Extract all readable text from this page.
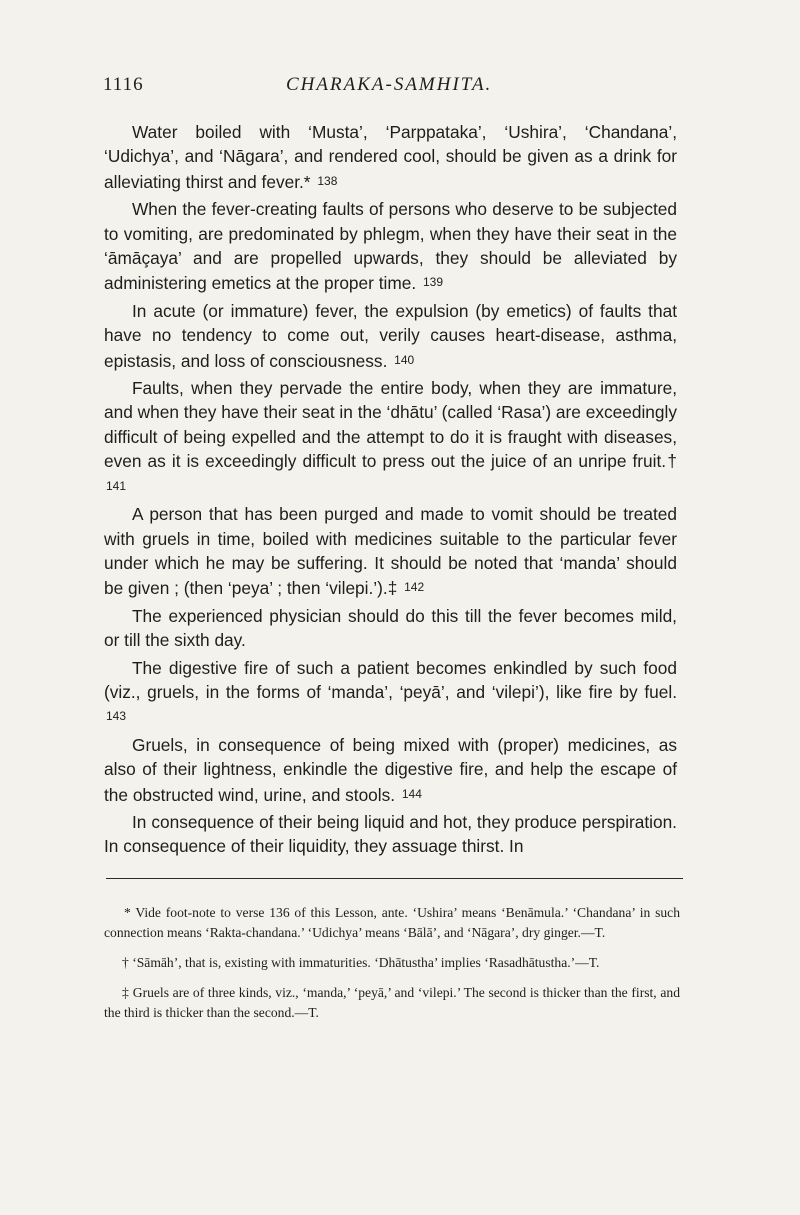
1116	CHARAKA-SAMHITA.

Water boiled with ‘Musta’, ‘Parppataka’, ‘Ushira’, ‘Chandana’, ‘Udichya’, and ‘Nāgara’, and rendered cool, should be given as a drink for alleviating thirst and fever.* 138

When the fever-creating faults of persons who deserve to be subjected to vomiting, are predominated by phlegm, when they have their seat in the ‘āmāçaya’ and are propelled upwards, they should be alleviated by administering emetics at the proper time. 139

In acute (or immature) fever, the expulsion (by emetics) of faults that have no tendency to come out, verily causes heart-disease, asthma, epistasis, and loss of consciousness. 140

Faults, when they pervade the entire body, when they are immature, and when they have their seat in the ‘dhātu’ (called ‘Rasa’) are exceedingly difficult of being expelled and the attempt to do it is fraught with diseases, even as it is exceedingly difficult to press out the juice of an unripe fruit.† 141

A person that has been purged and made to vomit should be treated with gruels in time, boiled with medicines suitable to the particular fever under which he may be suffering. It should be noted that ‘manda’ should be given ; (then ‘peya’ ; then ‘vilepi.’).‡ 142

The experienced physician should do this till the fever becomes mild, or till the sixth day.

The digestive fire of such a patient becomes enkindled by such food (viz., gruels, in the forms of ‘manda’, ‘peyā’, and ‘vilepi’), like fire by fuel. 143

Gruels, in consequence of being mixed with (proper) medicines, as also of their lightness, enkindle the digestive fire, and help the escape of the obstructed wind, urine, and stools. 144

In consequence of their being liquid and hot, they produce perspiration. In consequence of their liquidity, they assuage thirst. In

* Vide foot-note to verse 136 of this Lesson, ante. ‘Ushira’ means ‘Benāmula.’ ‘Chandana’ in such connection means ‘Rakta-chandana.’ ‘Udichya’ means ‘Bālā’, and ‘Nāgara’, dry ginger.—T.

† ‘Sāmāh’, that is, existing with immaturities. ‘Dhātustha’ implies ‘Rasadhātustha.’—T.

‡ Gruels are of three kinds, viz., ‘manda,’ ‘peyā,’ and ‘vilepi.’ The second is thicker than the first, and the third is thicker than the second.—T.
